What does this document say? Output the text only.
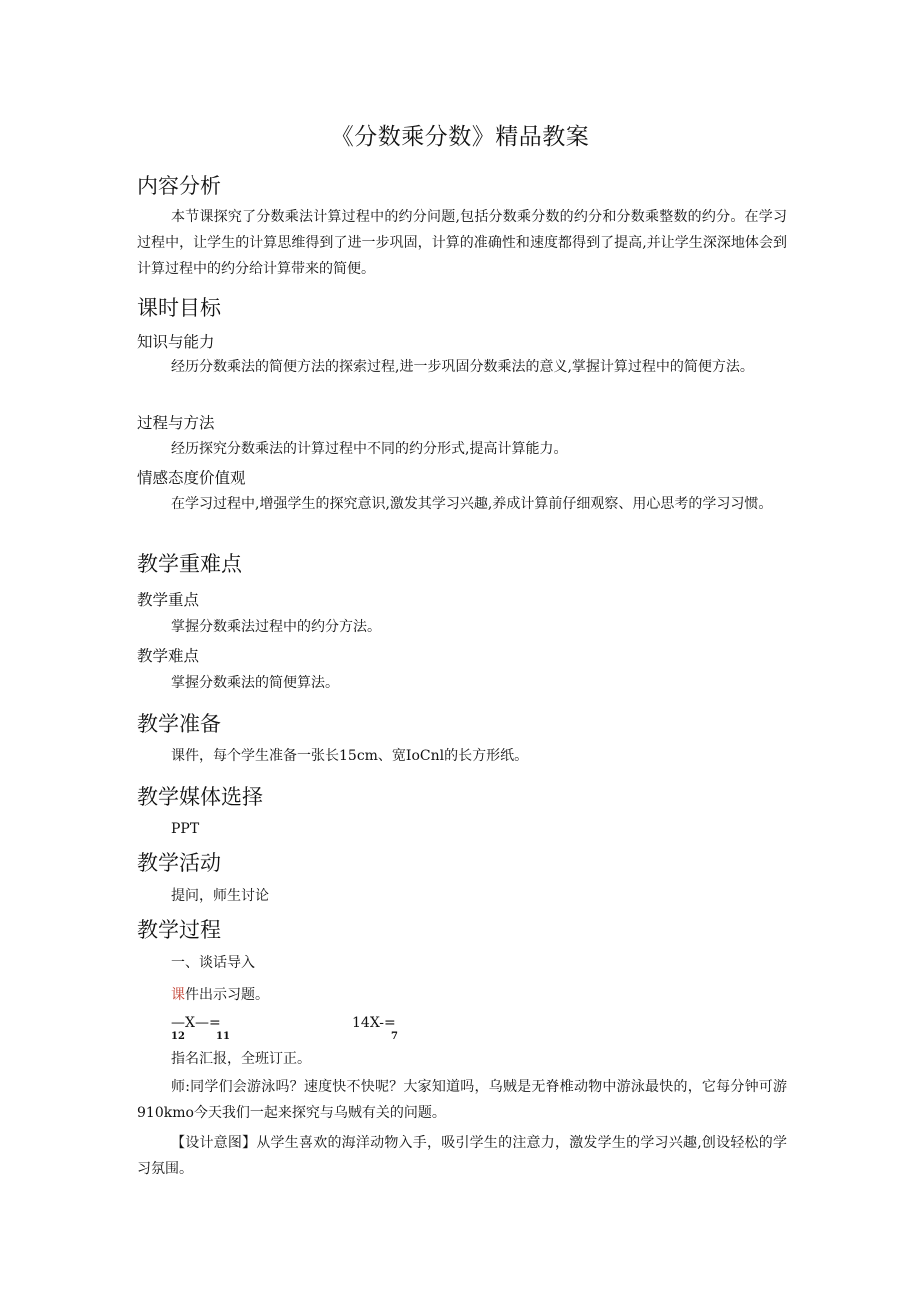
《分数乘分数》精品教案
内容分析
本节课探究了分数乘法计算过程中的约分问题,包括分数乘分数的约分和分数乘整数的约分。在学习过程中，让学生的计算思维得到了进一步巩固，计算的准确性和速度都得到了提高,并让学生深深地体会到计算过程中的约分给计算带来的简便。
课时目标
知识与能力
经历分数乘法的简便方法的探索过程,进一步巩固分数乘法的意义,掌握计算过程中的简便方法。
过程与方法
经历探究分数乘法的计算过程中不同的约分形式,提高计算能力。
情感态度价值观
在学习过程中,增强学生的探究意识,激发其学习兴趣,养成计算前仔细观察、用心思考的学习习惯。
教学重难点
教学重点
掌握分数乘法过程中的约分方法。
教学难点
掌握分数乘法的简便算法。
教学准备
课件，每个学生准备一张长15cm、宽IoCnl的长方形纸。
教学媒体选择
PPT
教学活动
提问，师生讨论
教学过程
一、谈话导入
课件出示习题。
—X—=
12	11
14X-=
7
指名汇报，全班订正。
师:同学们会游泳吗？速度快不快呢？大家知道吗，乌贼是无脊椎动物中游泳最快的，它每分钟可游910kmo今天我们一起来探究与乌贼有关的问题。
【设计意图】从学生喜欢的海洋动物入手，吸引学生的注意力，激发学生的学习兴趣,创设轻松的学习氛围。
